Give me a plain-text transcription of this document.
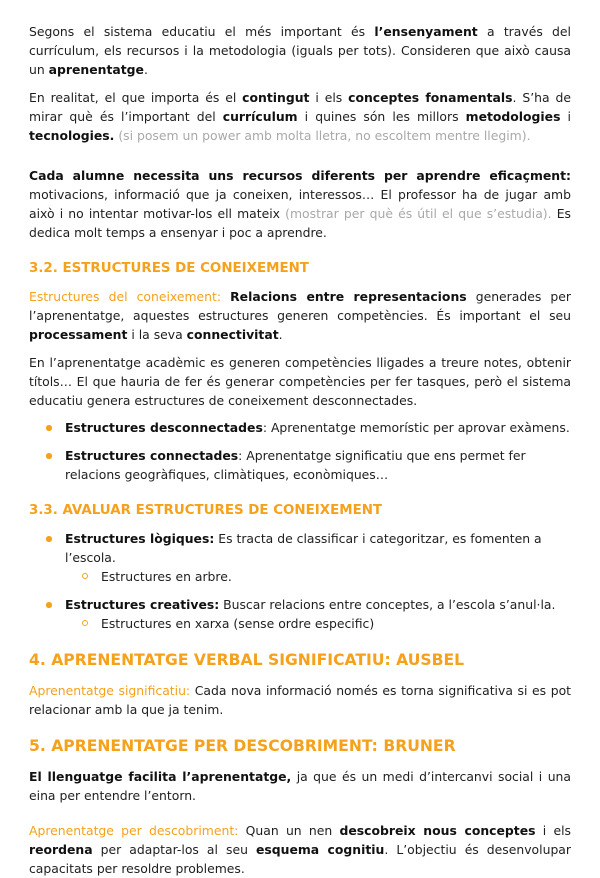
Segons el sistema educatiu el més important és l’ensenyament a través del currículum, els recursos i la metodologia (iguals per tots). Consideren que això causa un aprenentatge.

En realitat, el que importa és el contingut i els conceptes fonamentals. S’ha de mirar què és l’important del currículum i quines són les millors metodologies i tecnologies. (si posem un power amb molta lletra, no escoltem mentre llegim).

Cada alumne necessita uns recursos diferents per aprendre eficaçment: motivacions, informació que ja coneixen, interessos… El professor ha de jugar amb això i no intentar motivar-los ell mateix (mostrar per què és útil el que s’estudia). Es dedica molt temps a ensenyar i poc a aprendre.

3.2. ESTRUCTURES DE CONEIXEMENT

Estructures del coneixement: Relacions entre representacions generades per l’aprenentatge, aquestes estructures generen competències. És important el seu processament i la seva connectivitat.

En l’aprenentatge acadèmic es generen competències lligades a treure notes, obtenir títols… El que hauria de fer és generar competències per fer tasques, però el sistema educatiu genera estructures de coneixement desconnectades.

Estructures desconnectades: Aprenentatge memorístic per aprovar exàmens.
Estructures connectades: Aprenentatge significatiu que ens permet fer relacions geogràfiques, climàtiques, econòmiques…
3.3. AVALUAR ESTRUCTURES DE CONEIXEMENT
Estructures lògiques: Es tracta de classificar i categoritzar, es fomenten a l’escola.
Estructures en arbre.
Estructures creatives: Buscar relacions entre conceptes, a l’escola s’anul·la.
Estructures en xarxa (sense ordre especific)
4. APRENENTATGE VERBAL SIGNIFICATIU: AUSBEL

Aprenentatge significatiu: Cada nova informació només es torna significativa si es pot relacionar amb la que ja tenim.

5. APRENENTATGE PER DESCOBRIMENT: BRUNER

El llenguatge facilita l’aprenentatge, ja que és un medi d’intercanvi social i una eina per entendre l’entorn.

Aprenentatge per descobriment: Quan un nen descobreix nous conceptes i els reordena per adaptar-los al seu esquema cognitiu. L’objectiu és desenvolupar capacitats per resoldre problemes.
